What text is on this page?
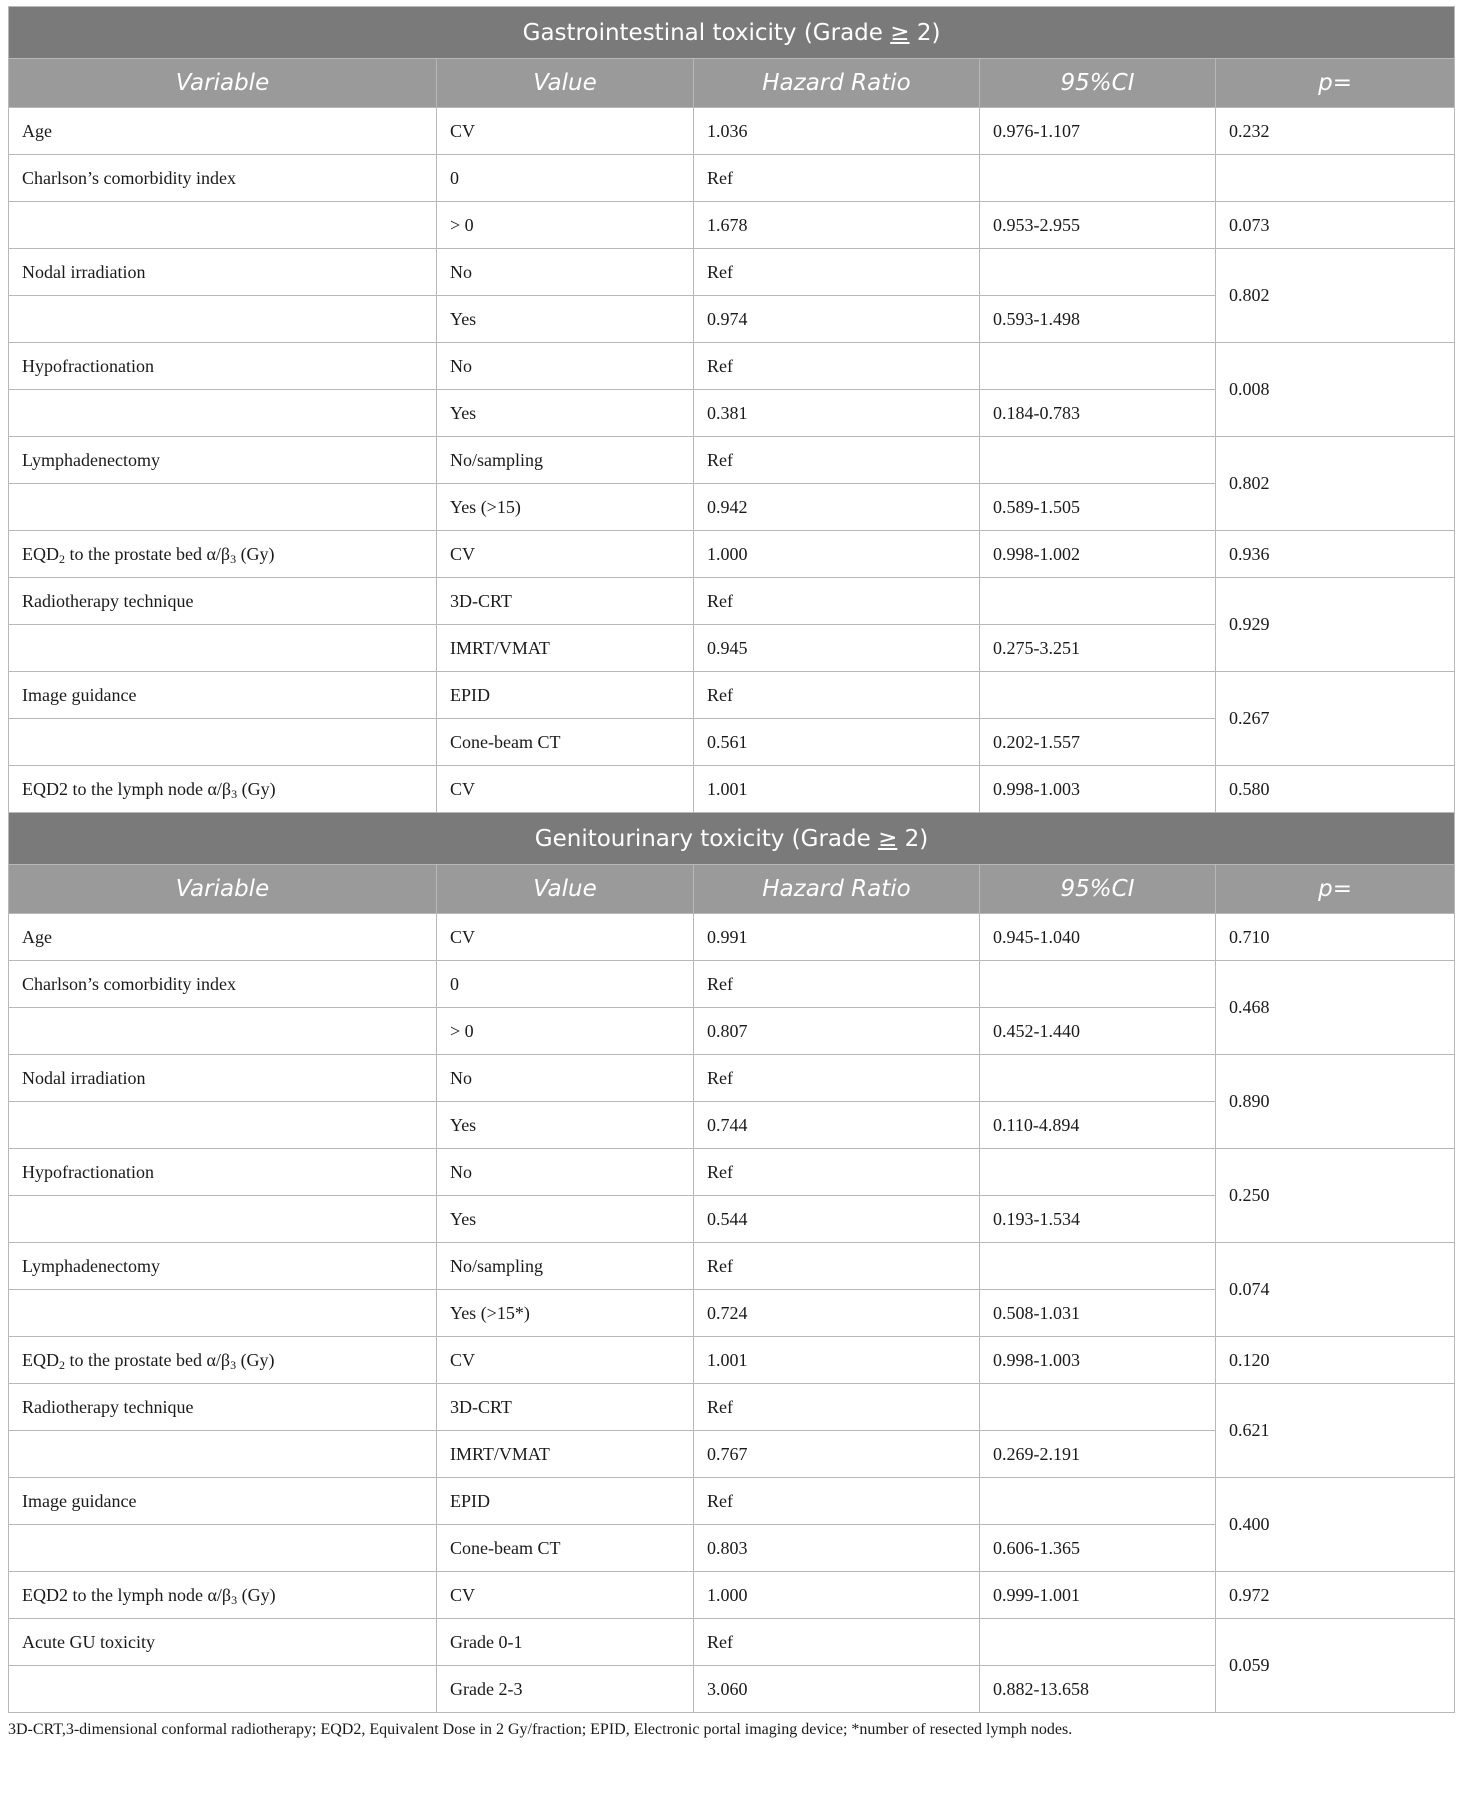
Gastrointestinal toxicity (Grade ≥ 2)				
Variable	Value	Hazard Ratio	95%CI	p=
Age	CV	1.036	0.976-1.107	0.232
Charlson’s comorbidity index	0	Ref		
	> 0	1.678	0.953-2.955	0.073
Nodal irradiation	No	Ref		0.802
	Yes	0.974	0.593-1.498	
Hypofractionation	No	Ref		0.008
	Yes	0.381	0.184-0.783	
Lymphadenectomy	No/sampling	Ref		0.802
	Yes (>15)	0.942	0.589-1.505	
$EQD_2$ to the prostate bed $\alpha/\beta_3$ (Gy)	CV	1.000	0.998-1.002	0.936
Radiotherapy technique	3D-CRT	Ref		0.929
	IMRT/VMAT	0.945	0.275-3.251	
Image guidance	EPID	Ref		0.267
	Cone-beam CT	0.561	0.202-1.557	
EQD2 to the lymph node $\alpha/\beta_3$ (Gy)	CV	1.001	0.998-1.003	0.580
Genitourinary toxicity (Grade ≥ 2)				
Variable	Value	Hazard Ratio	95%CI	p=
Age	CV	0.991	0.945-1.040	0.710
Charlson’s comorbidity index	0	Ref		0.468
	> 0	0.807	0.452-1.440	
Nodal irradiation	No	Ref		0.890
	Yes	0.744	0.110-4.894	
Hypofractionation	No	Ref		0.250
	Yes	0.544	0.193-1.534	
Lymphadenectomy	No/sampling	Ref		0.074
	Yes (>15*)	0.724	0.508-1.031	
$EQD_2$ to the prostate bed $\alpha/\beta_3$ (Gy)	CV	1.001	0.998-1.003	0.120
Radiotherapy technique	3D-CRT	Ref		0.621
	IMRT/VMAT	0.767	0.269-2.191	
Image guidance	EPID	Ref		0.400
	Cone-beam CT	0.803	0.606-1.365	
EQD2 to the lymph node $\alpha/\beta_3$ (Gy)	CV	1.000	0.999-1.001	0.972
Acute GU toxicity	Grade 0-1	Ref		0.059
	Grade 2-3	3.060	0.882-13.658	
3D-CRT,3-dimensional conformal radiotherapy; EQD2, Equivalent Dose in 2 Gy/fraction; EPID, Electronic portal imaging device; *number of resected lymph nodes.
